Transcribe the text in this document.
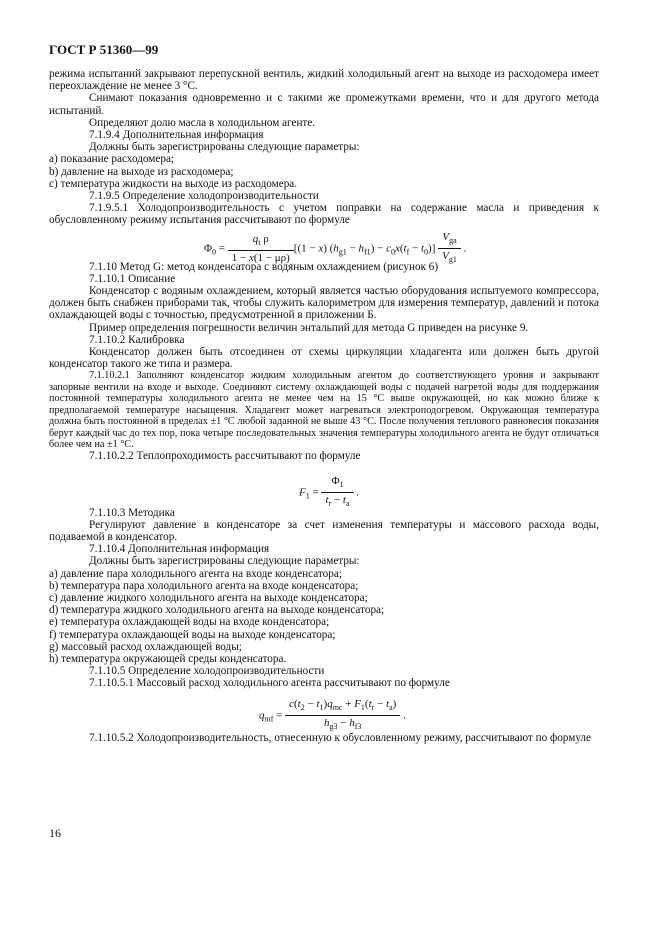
ГОСТ Р 51360—99

режима испытаний закрывают перепускной вентиль, жидкий холодильный агент на выходе из расходомера имеет переохлаждение не менее 3 °С.

Снимают показания одновременно и с такими же промежутками времени, что и для другого метода испытаний.

Определяют долю масла в холодильном агенте.

7.1.9.4 Дополнительная информация

Должны быть зарегистрированы следующие параметры:

a) показание расходомера;
b) давление на выходе из расходомера;
c) температура жидкости на выходе из расходомера.

7.1.9.5 Определение холодопроизводительности

7.1.9.5.1 Холодопроизводительность с учетом поправки на содержание масла и приведения к обусловленному режиму испытания рассчитывают по формуле

$\Phi_0 = \frac{q_t \rho}{1 - x(1 - \mu\rho)} [(1 - x) (h_{g1} - h_{f1}) - c_0x(t_f - t_0)] \frac{V_{ga}}{V_{g1}}$ .

7.1.10 Метод G: метод конденсатора с водяным охлаждением (рисунок 6)

7.1.10.1 Описание

Конденсатор с водяным охлаждением, который является частью оборудования испытуемого компрессора, должен быть снабжен приборами так, чтобы служить калориметром для измерения температур, давлений и потока охлаждающей воды с точностью, предусмотренной в приложении Б.

Пример определения погрешности величин энтальпий для метода G приведен на рисунке 9.

7.1.10.2 Калибровка

Конденсатор должен быть отсоединен от схемы циркуляции хладагента или должен быть другой конденсатор такого же типа и размера.

7.1.10.2.1 Заполняют конденсатор жидким холодильным агентом до соответствующего уровня и закрывают запорные вентили на входе и выходе. Соединяют систему охлаждающей воды с подачей нагретой воды для поддержания постоянной температуры холодильного агента не менее чем на 15 °С выше окружающей, но как можно ближе к предполагаемой температуре насыщения. Хладагент может нагреваться электроподогревом. Окружающая температура должна быть постоянной в пределах ±1 °С любой заданной не выше 43 °С. После получения теплового равновесия показания берут каждый час до тех пор, пока четыре последовательных значения температуры холодильного агента не будут отличаться более чем на ±1 °С.

7.1.10.2.2 Теплопроходимость рассчитывают по формуле

$F_1 = \frac{\Phi_1}{t_r - t_a}$ .

7.1.10.3 Методика

Регулируют давление в конденсаторе за счет изменения температуры и массового расхода воды, подаваемой в конденсатор.

7.1.10.4 Дополнительная информация

Должны быть зарегистрированы следующие параметры:

a) давление пара холодильного агента на входе конденсатора;
b) температура пара холодильного агента на входе конденсатора;
c) давление жидкого холодильного агента на выходе конденсатора;
d) температура жидкого холодильного агента на выходе конденсатора;
e) температура охлаждающей воды на входе конденсатора;
f) температура охлаждающей воды на выходе конденсатора;
g) массовый расход охлаждающей воды;
h) температура окружающей среды конденсатора.

7.1.10.5 Определение холодопроизводительности

7.1.10.5.1 Массовый расход холодильного агента рассчитывают по формуле

$q_{mf} = \frac{c(t_2 - t_1)q_{mc} + F_1(t_r - t_a)}{h_{g3} - h_{f3}}$ .

7.1.10.5.2 Холодопроизводительность, отнесенную к обусловленному режиму, рассчитывают по формуле

16
